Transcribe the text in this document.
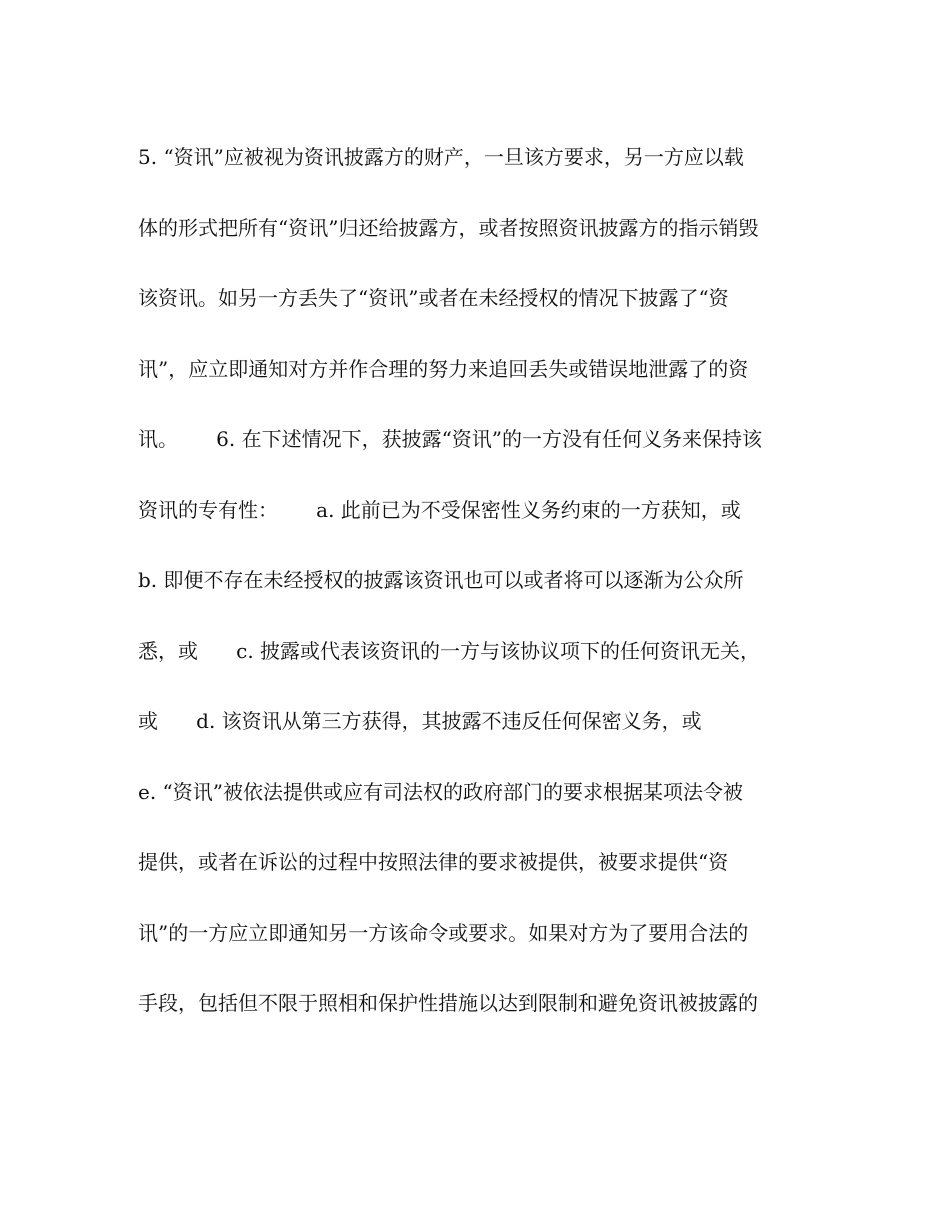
5. “资讯”应被视为资讯披露方的财产，一旦该方要求，另一方应以载
体的形式把所有“资讯”归还给披露方，或者按照资讯披露方的指示销毁
该资讯。如另一方丢失了“资讯”或者在未经授权的情况下披露了“资
讯”，应立即通知对方并作合理的努力来追回丢失或错误地泄露了的资
讯。      6. 在下述情况下，获披露“资讯”的一方没有任何义务来保持该
资讯的专有性：      a. 此前已为不受保密性义务约束的一方获知，或
b. 即便不存在未经授权的披露该资讯也可以或者将可以逐渐为公众所
悉，或      c. 披露或代表该资讯的一方与该协议项下的任何资讯无关，
或      d. 该资讯从第三方获得，其披露不违反任何保密义务，或
e. “资讯”被依法提供或应有司法权的政府部门的要求根据某项法令被
提供，或者在诉讼的过程中按照法律的要求被提供，被要求提供“资
讯”的一方应立即通知另一方该命令或要求。如果对方为了要用合法的
手段，包括但不限于照相和保护性措施以达到限制和避免资讯被披露的
